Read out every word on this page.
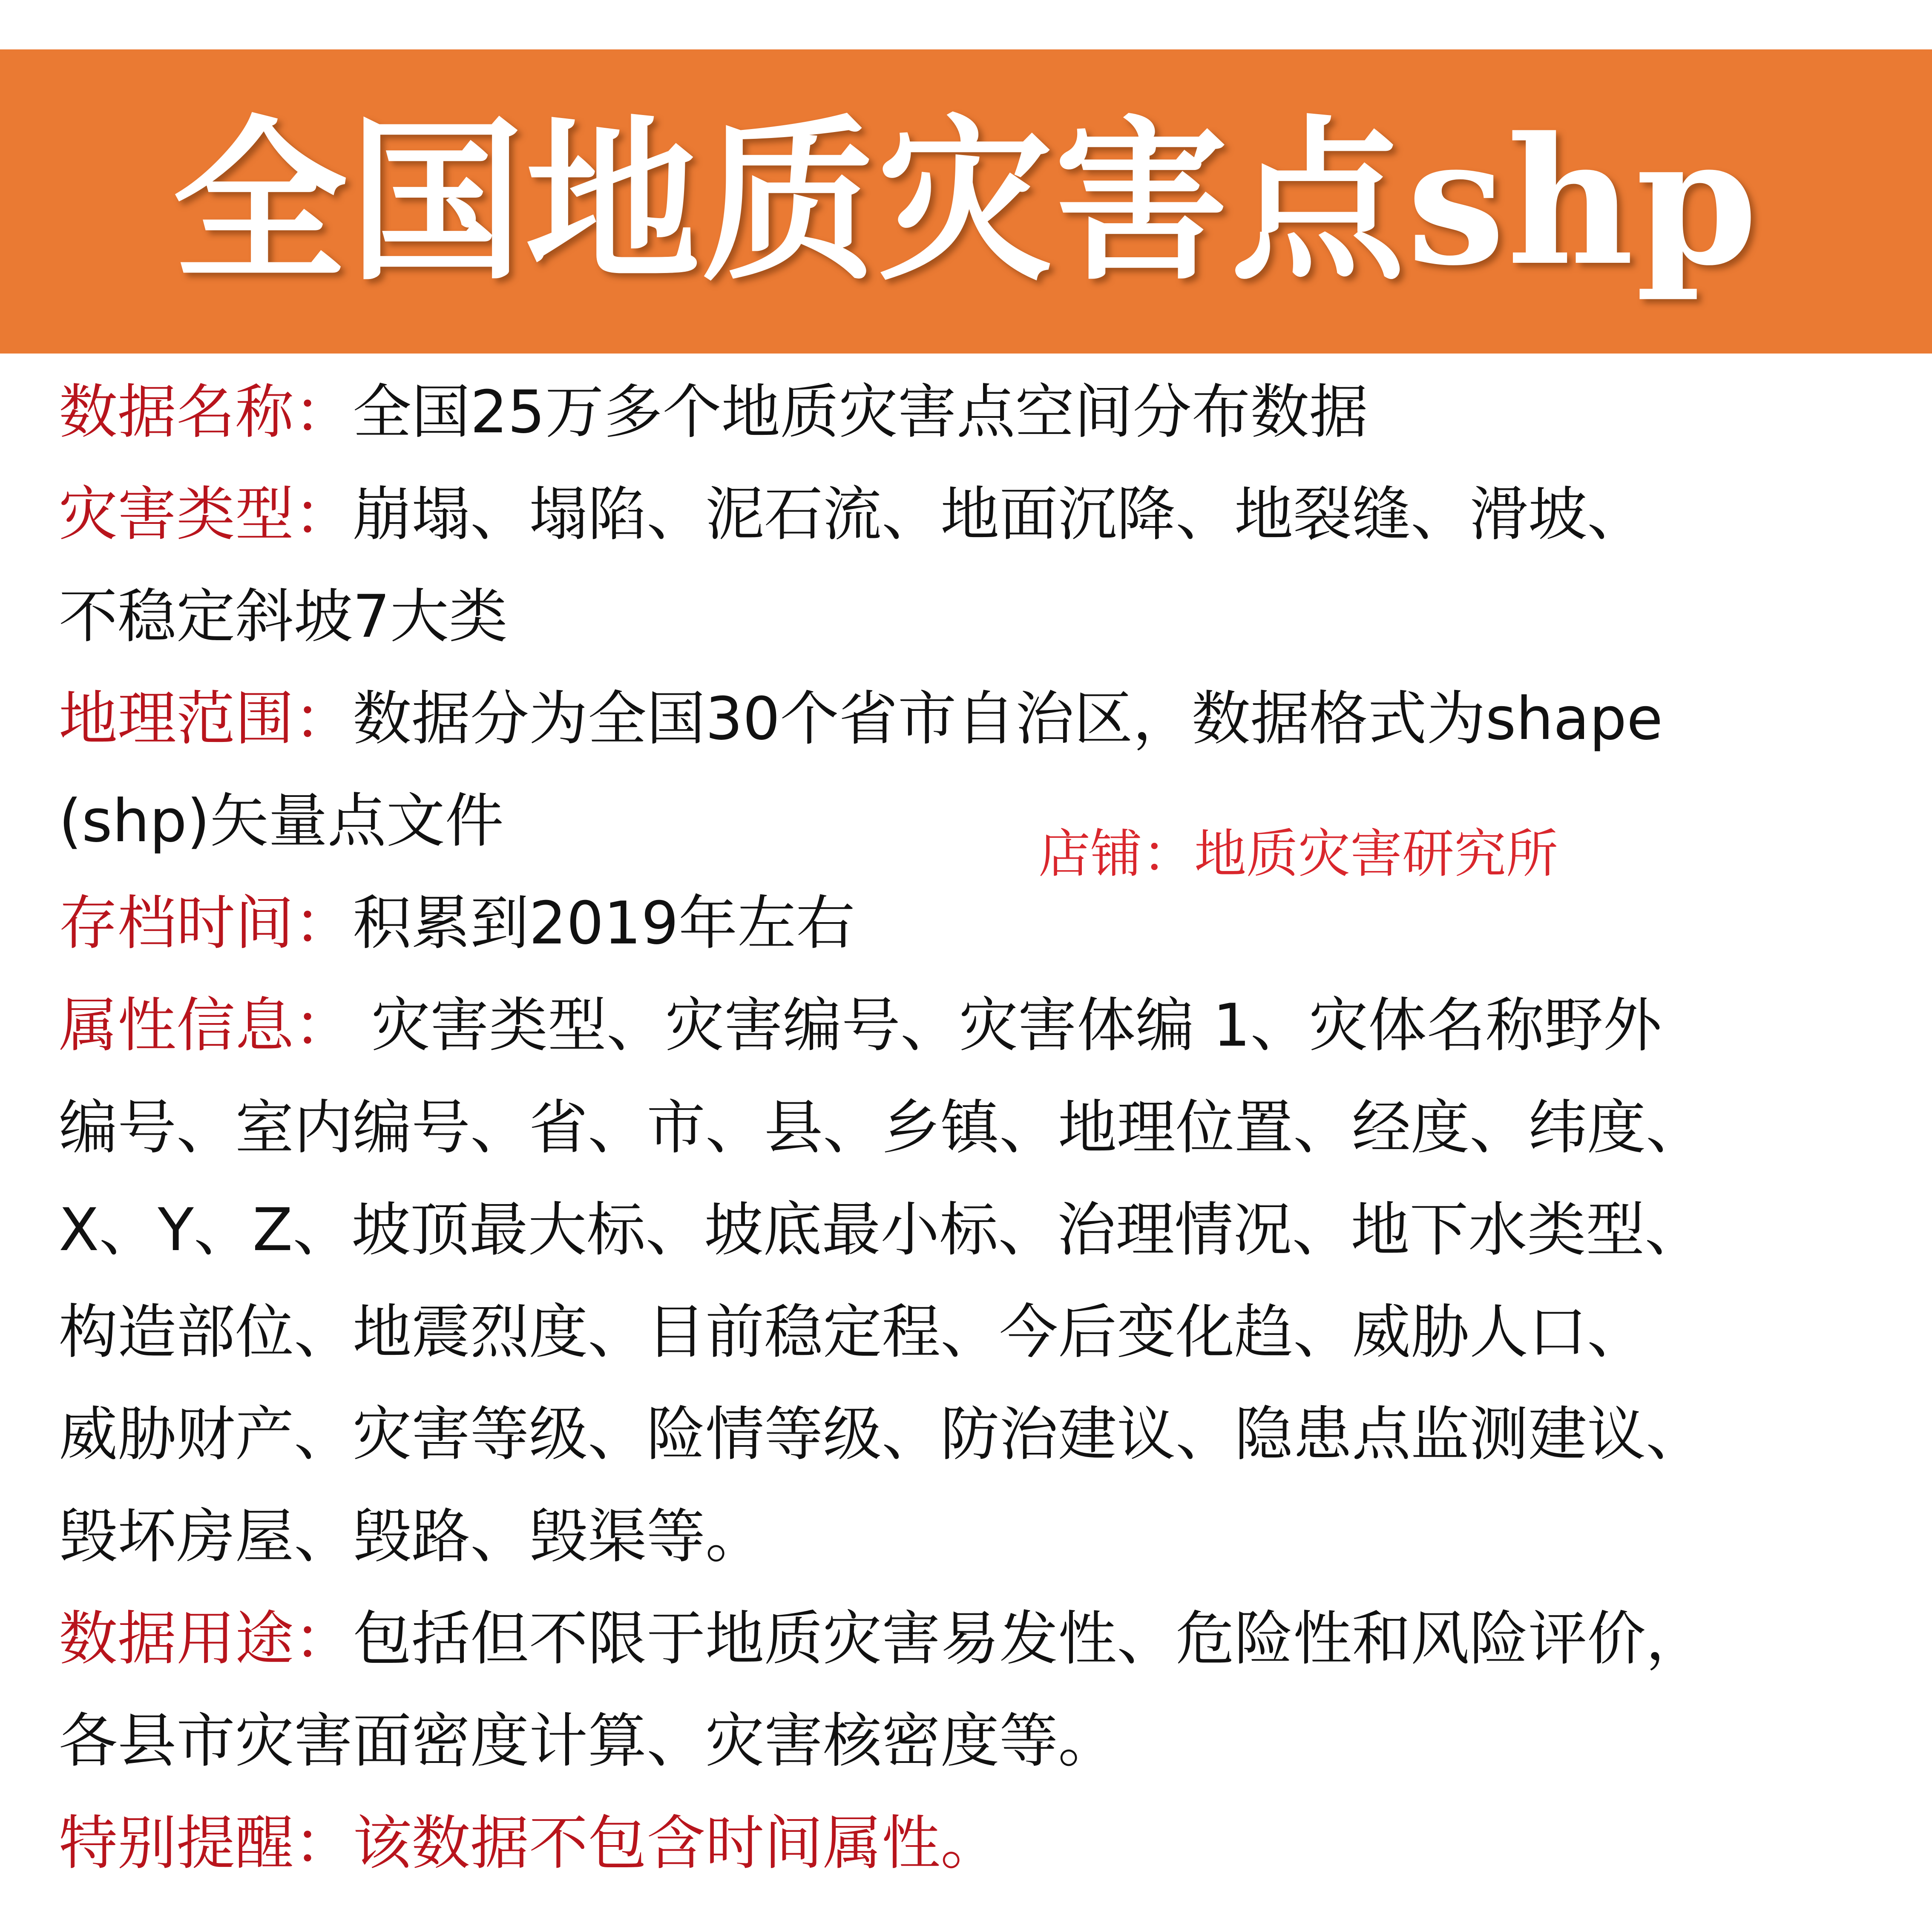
全国地质灾害点shp
数据名称：全国25万多个地质灾害点空间分布数据
灾害类型：崩塌、塌陷、泥石流、地面沉降、地裂缝、滑坡、
不稳定斜坡7大类
地理范围：数据分为全国30个省市自治区，数据格式为shape
(shp)矢量点文件
存档时间：积累到2019年左右
属性信息： 灾害类型、灾害编号、灾害体编 1、灾体名称野外
编号、室内编号、省、市、县、乡镇、地理位置、经度、纬度、
X、Y、Z、坡顶最大标、坡底最小标、治理情况、地下水类型、
构造部位、地震烈度、目前稳定程、今后变化趋、威胁人口、
威胁财产、灾害等级、险情等级、防治建议、隐患点监测建议、
毁坏房屋、毁路、毁渠等。
数据用途：包括但不限于地质灾害易发性、危险性和风险评价，
各县市灾害面密度计算、灾害核密度等。
特别提醒：该数据不包含时间属性。
店铺：地质灾害研究所
